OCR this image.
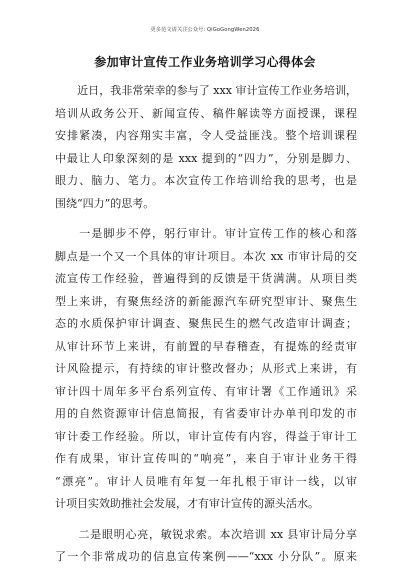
更多范文请关注公众号: QiGoGongWen2026
参加审计宣传工作业务培训学习心得体会
　　近日，我非常荣幸的参与了 xxx 审计宣传工作业务培训，
培训从政务公开、新闻宣传、稿件解读等方面授课，课程
安排紧凑，内容翔实丰富，令人受益匪浅。整个培训课程
中最让人印象深刻的是 xxx 提到的“四力”，分别是脚力、
眼力、脑力、笔力。本次宣传工作培训给我的思考，也是
围绕“四力”的思考。
　　一是脚步不停，躬行审计。审计宣传工作的核心和落
脚点是一个又一个具体的审计项目。本次 xx 市审计局的交
流宣传工作经验，普遍得到的反馈是干货满满。从项目类
型上来讲，有聚焦经济的新能源汽车研究型审计、聚焦生
态的水质保护审计调查、聚焦民生的燃气改造审计调查；
从审计环节上来讲，有前置的早春稽查，有提炼的经责审
计风险提示，有持续的审计整改督办；从形式上来讲，有
审计四十周年多平台系列宣传、有审计署《工作通讯》采
用的自然资源审计信息简报，有省委审计办单刊印发的市
审计委工作经验。所以，审计宣传有内容，得益于审计工
作有成果，审计宣传叫的“响亮”，来自于审计业务干得
“漂亮”。审计人员唯有年复一年扎根于审计一线，以审
计项目实效助推社会发展，才有审计宣传的源头活水。
　　二是眼明心亮，敏锐求索。本次培训 xx 县审计局分享
了一个非常成功的信息宣传案例——“xxx 小分队”。原来
